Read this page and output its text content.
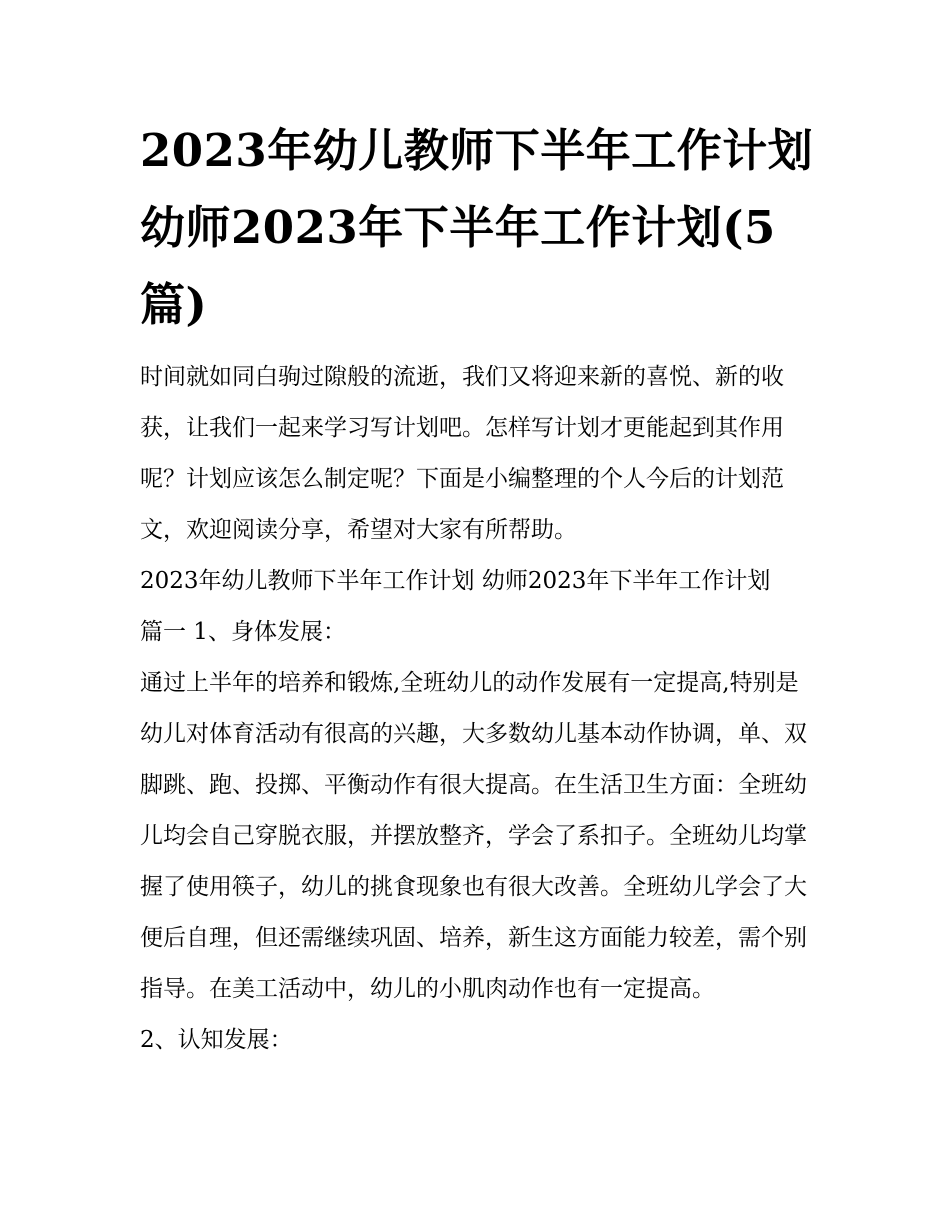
2023年幼儿教师下半年工作计划 幼师2023年下半年工作计划(5篇)

时间就如同白驹过隙般的流逝，我们又将迎来新的喜悦、新的收获，让我们一起来学习写计划吧。怎样写计划才更能起到其作用呢？计划应该怎么制定呢？下面是小编整理的个人今后的计划范文，欢迎阅读分享，希望对大家有所帮助。

2023年幼儿教师下半年工作计划 幼师2023年下半年工作计划

篇一 1、身体发展：

通过上半年的培养和锻炼,全班幼儿的动作发展有一定提高,特别是幼儿对体育活动有很高的兴趣，大多数幼儿基本动作协调，单、双脚跳、跑、投掷、平衡动作有很大提高。在生活卫生方面：全班幼儿均会自己穿脱衣服，并摆放整齐，学会了系扣子。全班幼儿均掌握了使用筷子，幼儿的挑食现象也有很大改善。全班幼儿学会了大便后自理，但还需继续巩固、培养，新生这方面能力较差，需个别指导。在美工活动中，幼儿的小肌肉动作也有一定提高。

2、认知发展：
